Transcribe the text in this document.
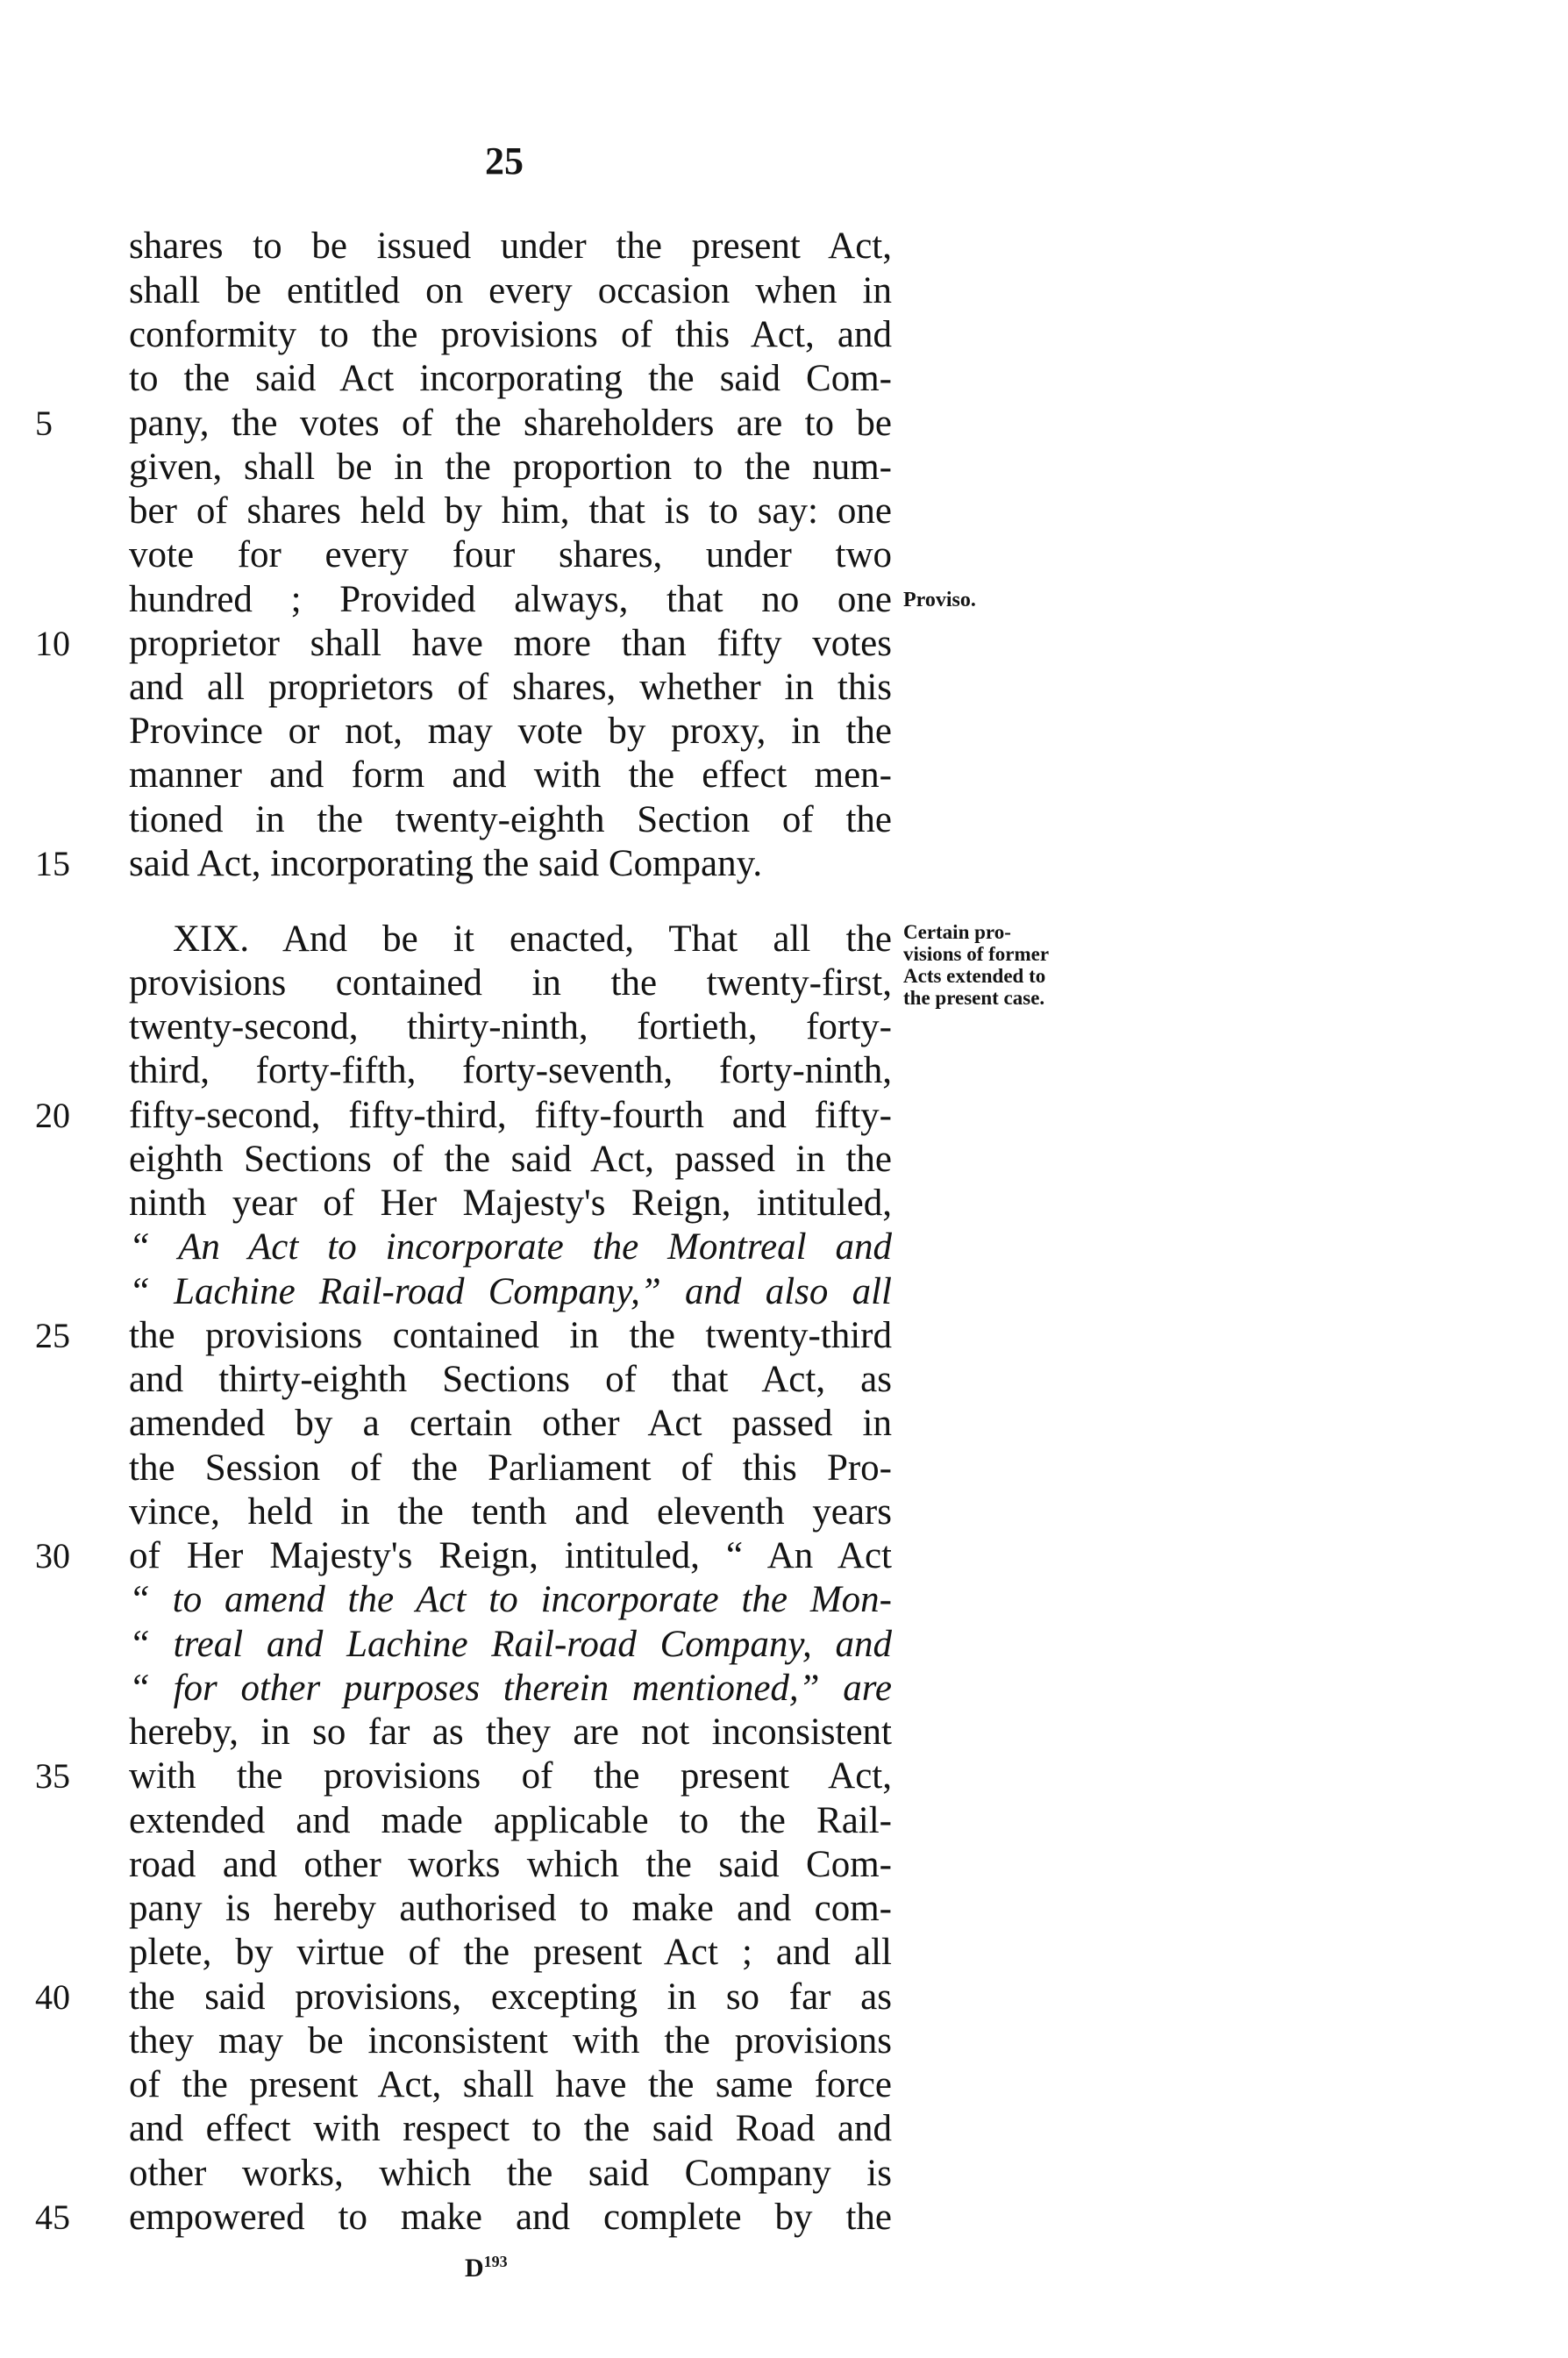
25
shares to be issued under the present Act,
shall be entitled on every occasion when in
conformity to the provisions of this Act, and
to the said Act incorporating the said Com-
5	pany, the votes of the shareholders are to be
given, shall be in the proportion to the num-
ber of shares held by him, that is to say: one
vote for every four shares, under two
hundred ; Provided always, that no one Proviso.
10	proprietor shall have more than fifty votes
and all proprietors of shares, whether in this
Province or not, may vote by proxy, in the
manner and form and with the effect men-
tioned in the twenty-eighth Section of the
15	said Act, incorporating the said Company.
XIX. And be it enacted, That all the Certain pro- visions of former Acts extended to the present case.
provisions contained in the twenty-first,
twenty-second, thirty-ninth, fortieth, forty-
third, forty-fifth, forty-seventh, forty-ninth,
20	fifty-second, fifty-third, fifty-fourth and fifty-
eighth Sections of the said Act, passed in the
ninth year of Her Majesty's Reign, intituled,
“ An Act to incorporate the Montreal and
“ Lachine Rail-road Company,” and also all
25	the provisions contained in the twenty-third
and thirty-eighth Sections of that Act, as
amended by a certain other Act passed in
the Session of the Parliament of this Pro-
vince, held in the tenth and eleventh years
30	of Her Majesty's Reign, intituled, “ An Act
“ to amend the Act to incorporate the Mon-
“ treal and Lachine Rail-road Company, and
“ for other purposes therein mentioned,” are
hereby, in so far as they are not inconsistent
35	with the provisions of the present Act,
extended and made applicable to the Rail-
road and other works which the said Com-
pany is hereby authorised to make and com-
plete, by virtue of the present Act ; and all
40	the said provisions, excepting in so far as
they may be inconsistent with the provisions
of the present Act, shall have the same force
and effect with respect to the said Road and
other works, which the said Company is
45	empowered to make and complete by the
$D^{193}$
